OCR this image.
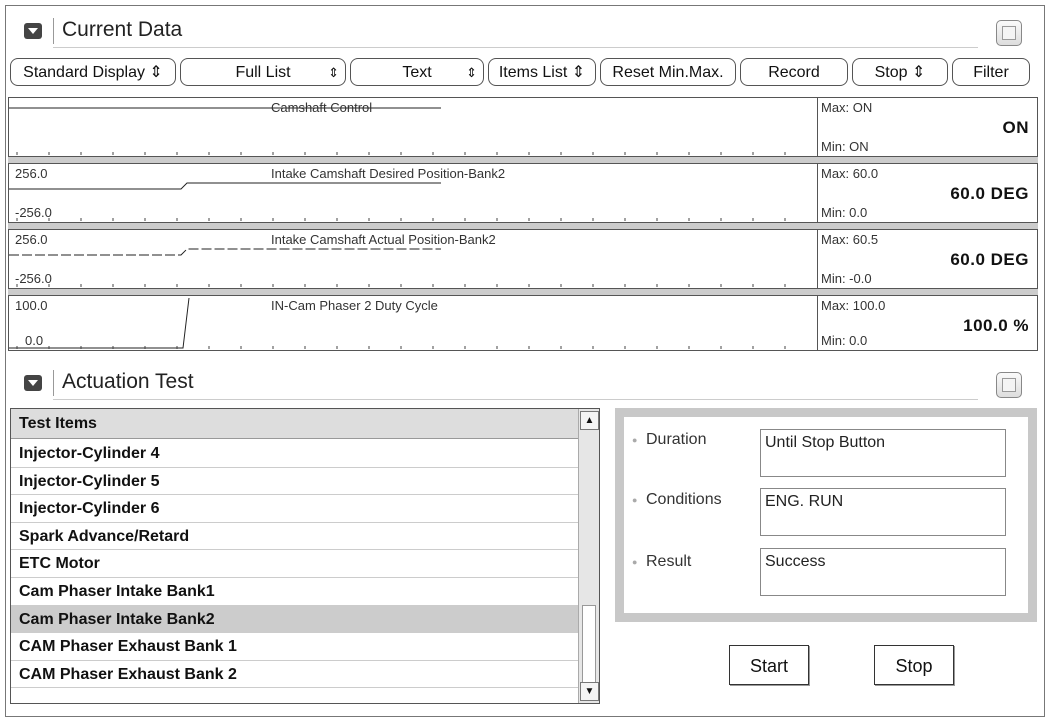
Current Data
Standard Display ⇕	Full List	⇕	Text	⇕	Items List ⇕	Reset Min.Max.	Record	Stop ⇕	Filter
Camshaft Control	Max: ON
Min: ON
ON
256.0
-256.0
Intake Camshaft Desired Position-Bank2	Max: 60.0
Min: 0.0
60.0 DEG
256.0
-256.0
Intake Camshaft Actual Position-Bank2	Max: 60.5
Min: -0.0
60.0 DEG
100.0
0.0
IN-Cam Phaser 2 Duty Cycle	Max: 100.0
Min: 0.0
100.0 %
Actuation Test
Test Items
Injector-Cylinder 4
Injector-Cylinder 5
Injector-Cylinder 6
Spark Advance/Retard
ETC Motor
Cam Phaser Intake Bank1
Cam Phaser Intake Bank2
CAM Phaser Exhaust Bank 1
CAM Phaser Exhaust Bank 2
▲
▼
● Duration	Until Stop Button
● Conditions	ENG. RUN
● Result	Success
Start	Stop
